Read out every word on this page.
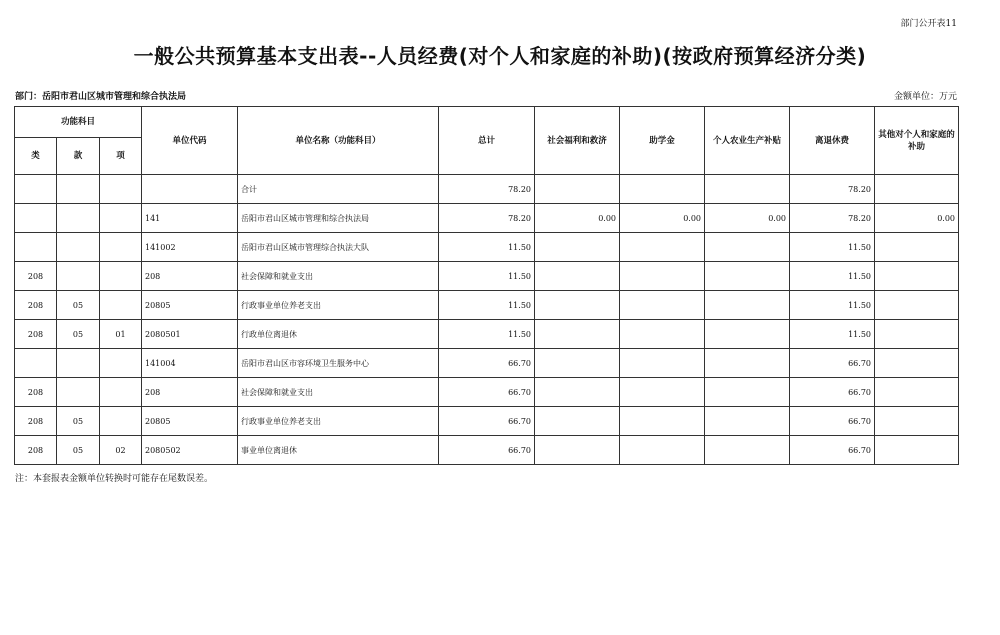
部门公开表11
一般公共预算基本支出表--人员经费(对个人和家庭的补助)(按政府预算经济分类)
部门：岳阳市君山区城市管理和综合执法局	金额单位：万元
功能科目			单位代码	单位名称（功能科目）	总计	社会福利和救济	助学金	个人农业生产补贴	离退休费	其他对个人和家庭的补助
类	款	项								
				合计	78.20				78.20	
			141	岳阳市君山区城市管理和综合执法局	78.20	0.00	0.00	0.00	78.20	0.00
			141002	岳阳市君山区城市管理综合执法大队	11.50				11.50	
208			208	社会保障和就业支出	11.50				11.50	
208	05		20805	行政事业单位养老支出	11.50				11.50	
208	05	01	2080501	行政单位离退休	11.50				11.50	
			141004	岳阳市君山区市容环境卫生服务中心	66.70				66.70	
208			208	社会保障和就业支出	66.70				66.70	
208	05		20805	行政事业单位养老支出	66.70				66.70	
208	05	02	2080502	事业单位离退休	66.70				66.70	
注：本套报表金额单位转换时可能存在尾数误差。
